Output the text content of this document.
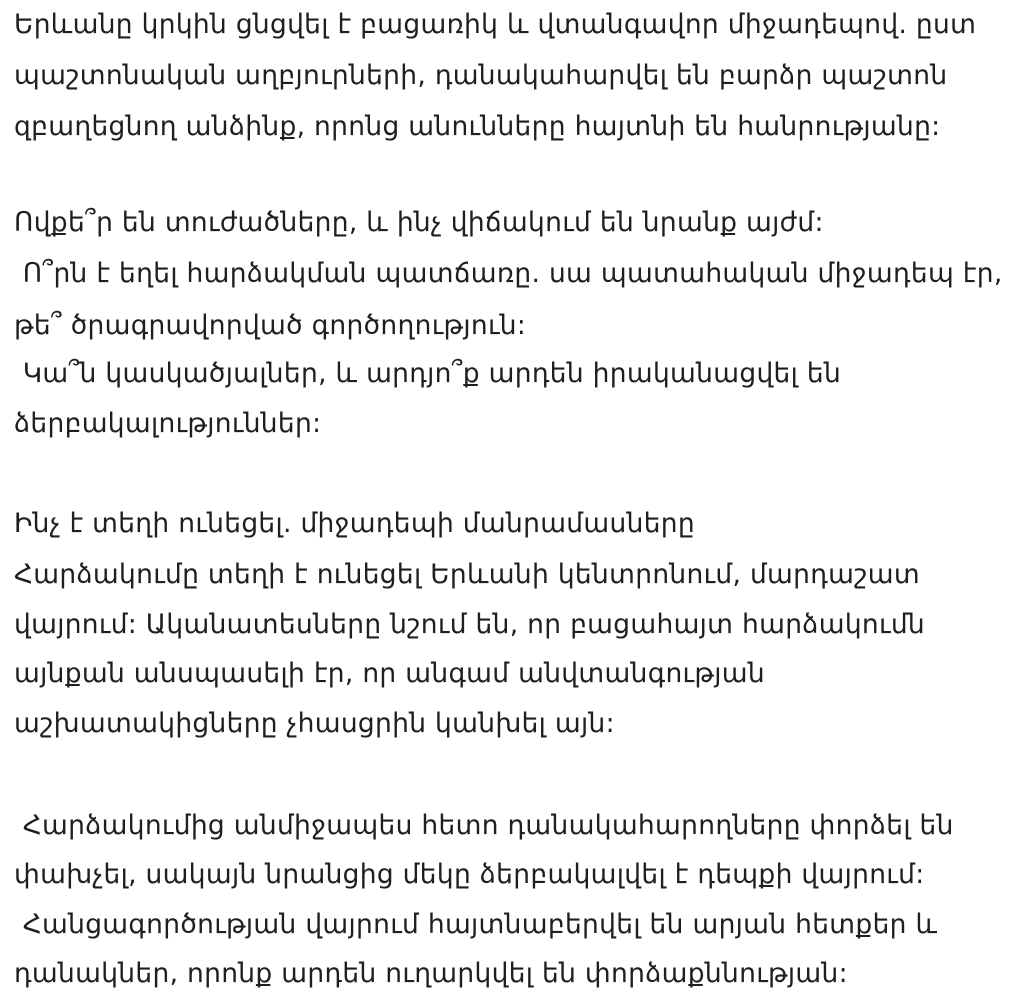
Երևանը կրկին ցնցվել է բացառիկ և վտանգավոր միջադեպով. ըստ
պաշտոնական աղբյուրների, դանակահարվել են բարձր պաշտոն
զբաղեցնող անձինք, որոնց անունները հայտնի են հանրությանը:
Ովքե՞ր են տուժածները, և ինչ վիճակում են նրանք այժմ:
Ո՞րն է եղել հարձակման պատճառը. սա պատահական միջադեպ էր,
թե՞ ծրագրավորված գործողություն:
Կա՞ն կասկածյալներ, և արդյո՞ք արդեն իրականացվել են
ձերբակալություններ:
Ինչ է տեղի ունեցել. միջադեպի մանրամասները
Հարձակումը տեղի է ունեցել Երևանի կենտրոնում, մարդաշատ
վայրում: Ականատեսները նշում են, որ բացահայտ հարձակումն
այնքան անսպասելի էր, որ անգամ անվտանգության
աշխատակիցները չհասցրին կանխել այն:
Հարձակումից անմիջապես հետո դանակահարողները փորձել են
փախչել, սակայն նրանցից մեկը ձերբակալվել է դեպքի վայրում:
Հանցագործության վայրում հայտնաբերվել են արյան հետքեր և
դանակներ, որոնք արդեն ուղարկվել են փորձաքննության:
